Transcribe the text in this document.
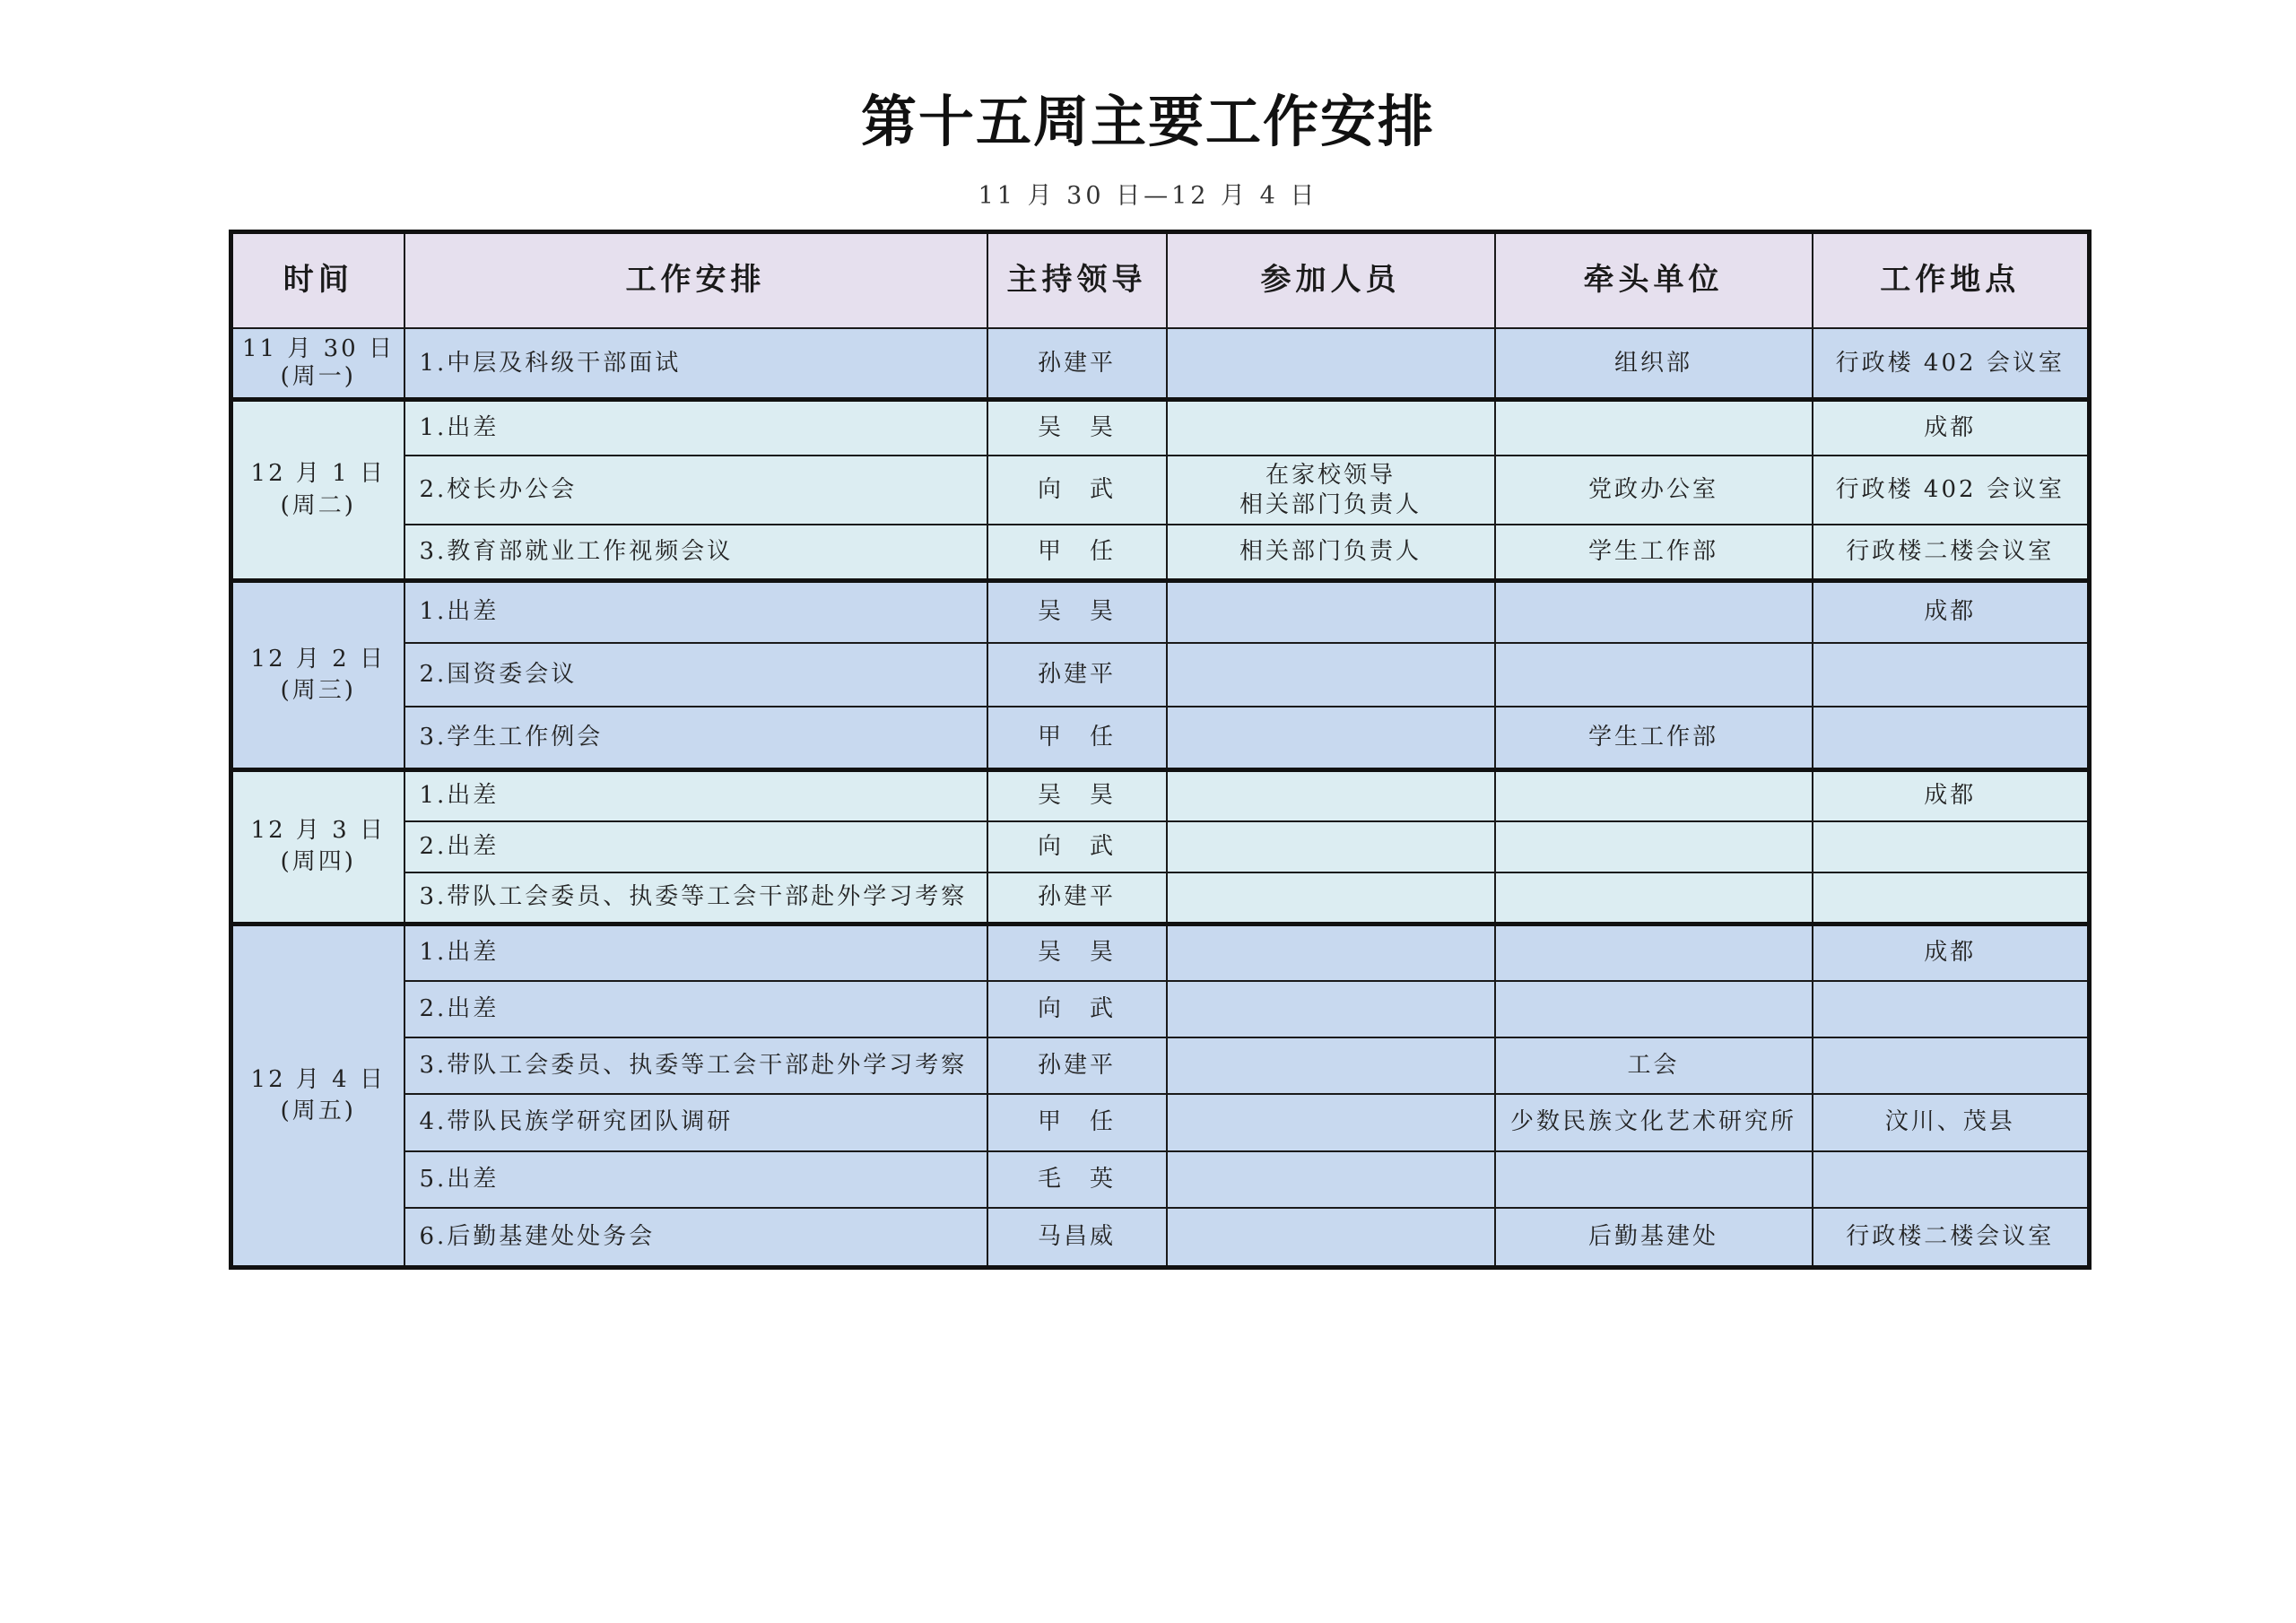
第十五周主要工作安排
11 月 30 日—12 月 4 日
时间	工作安排	主持领导	参加人员	牵头单位	工作地点

11 月 30 日
(周一)	1.中层及科级干部面试	孙建平		组织部	行政楼 402 会议室

12 月 1 日
(周二)	1.出差	吴　昊			成都
	2.校长办公会	向　武	在家校领导
相关部门负责人	党政办公室	行政楼 402 会议室
	3.教育部就业工作视频会议	甲　任	相关部门负责人	学生工作部	行政楼二楼会议室

12 月 2 日
(周三)	1.出差	吴　昊			成都
	2.国资委会议	孙建平			
	3.学生工作例会	甲　任		学生工作部	

12 月 3 日
(周四)	1.出差	吴　昊			成都
	2.出差	向　武			
	3.带队工会委员、执委等工会干部赴外学习考察	孙建平			

12 月 4 日
(周五)	1.出差	吴　昊			成都
	2.出差	向　武			
	3.带队工会委员、执委等工会干部赴外学习考察	孙建平		工会	
	4.带队民族学研究团队调研	甲　任		少数民族文化艺术研究所	汶川、茂县
	5.出差	毛　英			
	6.后勤基建处处务会	马昌威		后勤基建处	行政楼二楼会议室
